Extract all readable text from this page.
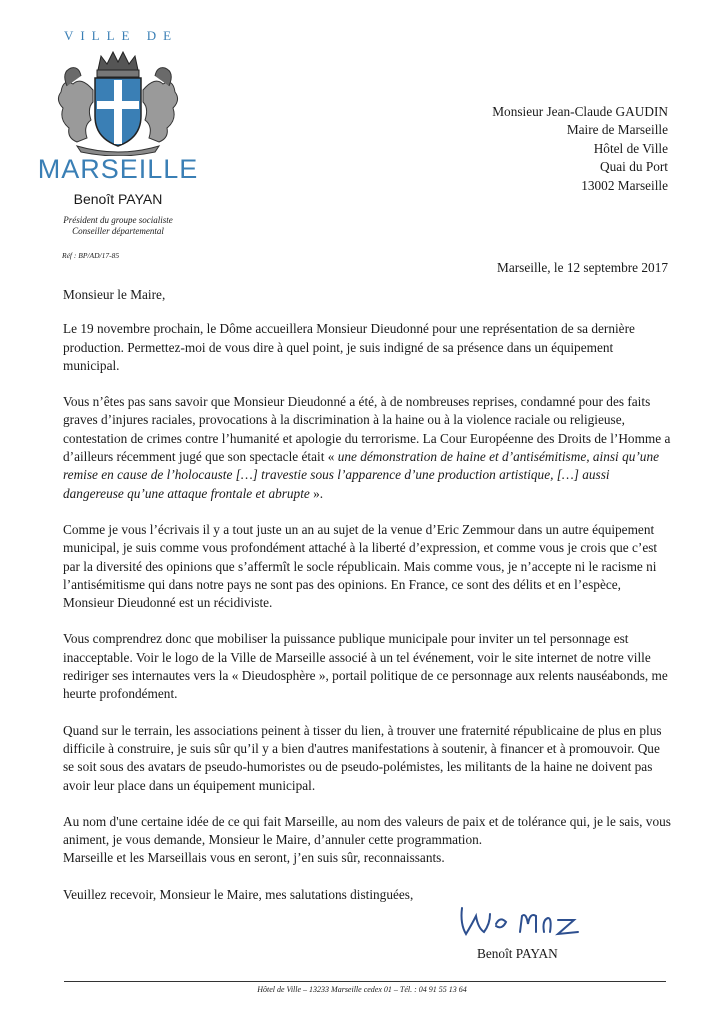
VILLE DE
MARSEILLE
Benoît PAYAN
Président du groupe socialiste
Conseiller départemental
Réf : BP/AD/17-85
Monsieur Jean-Claude GAUDIN
Maire de Marseille
Hôtel de Ville
Quai du Port
13002 Marseille
Marseille, le 12 septembre 2017

Monsieur le Maire,

Le 19 novembre prochain, le Dôme accueillera Monsieur Dieudonné pour une représentation de sa dernière production. Permettez-moi de vous dire à quel point, je suis indigné de sa présence dans un équipement municipal.

Vous n’êtes pas sans savoir que Monsieur Dieudonné a été, à de nombreuses reprises, condamné pour des faits graves d’injures raciales, provocations à la discrimination à la haine ou à la violence raciale ou religieuse, contestation de crimes contre l’humanité et apologie du terrorisme. La Cour Européenne des Droits de l’Homme a d’ailleurs récemment jugé que son spectacle était « une démonstration de haine et d’antisémitisme, ainsi qu’une remise en cause de l’holocauste […] travestie sous l’apparence d’une production artistique, […] aussi dangereuse qu’une attaque frontale et abrupte ».

Comme je vous l’écrivais il y a tout juste un an au sujet de la venue d’Eric Zemmour dans un autre équipement municipal, je suis comme vous profondément attaché à la liberté d’expression, et comme vous je crois que c’est par la diversité des opinions que s’affermît le socle républicain. Mais comme vous, je n’accepte ni le racisme ni l’antisémitisme qui dans notre pays ne sont pas des opinions. En France, ce sont des délits et en l’espèce, Monsieur Dieudonné est un récidiviste.

Vous comprendrez donc que mobiliser la puissance publique municipale pour inviter un tel personnage est inacceptable. Voir le logo de la Ville de Marseille associé à un tel événement, voir le site internet de notre ville rediriger ses internautes vers la « Dieudosphère », portail politique de ce personnage aux relents nauséabonds, me heurte profondément.

Quand sur le terrain, les associations peinent à tisser du lien, à trouver une fraternité républicaine de plus en plus difficile à construire, je suis sûr qu’il y a bien d'autres manifestations à soutenir, à financer et à promouvoir. Que se soit sous des avatars de pseudo-humoristes ou de pseudo-polémistes, les militants de la haine ne doivent pas avoir leur place dans un équipement municipal.

Au nom d'une certaine idée de ce qui fait Marseille, au nom des valeurs de paix et de tolérance qui, je le sais, vous animent, je vous demande, Monsieur le Maire, d’annuler cette programmation.
Marseille et les Marseillais vous en seront, j’en suis sûr, reconnaissants.

Veuillez recevoir, Monsieur le Maire, mes salutations distinguées,

Benoît PAYAN
Hôtel de Ville – 13233 Marseille cedex 01 – Tél. : 04 91 55 13 64
